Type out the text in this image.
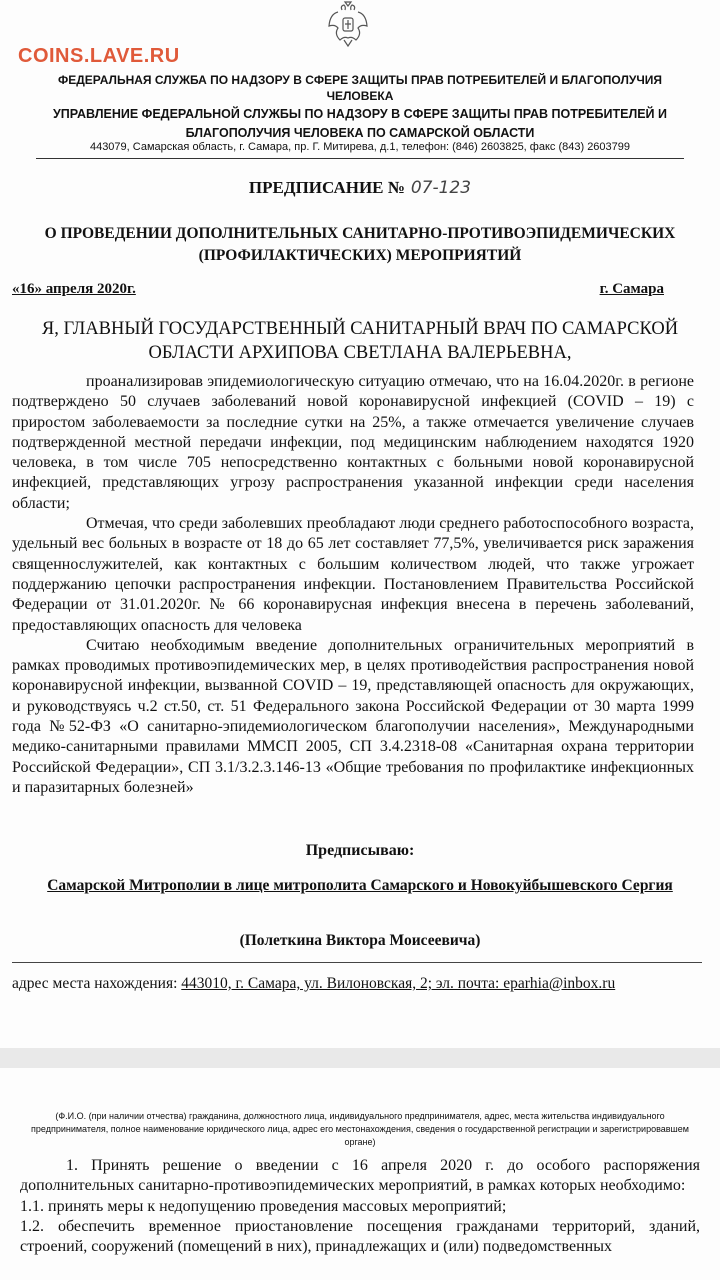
COINS.LAVE.RU
ФЕДЕРАЛЬНАЯ СЛУЖБА ПО НАДЗОРУ В СФЕРЕ ЗАЩИТЫ ПРАВ ПОТРЕБИТЕЛЕЙ И БЛАГОПОЛУЧИЯ ЧЕЛОВЕКА
УПРАВЛЕНИЕ ФЕДЕРАЛЬНОЙ СЛУЖБЫ ПО НАДЗОРУ В СФЕРЕ ЗАЩИТЫ ПРАВ ПОТРЕБИТЕЛЕЙ И БЛАГОПОЛУЧИЯ ЧЕЛОВЕКА ПО САМАРСКОЙ ОБЛАСТИ
443079, Самарская область, г. Самара, пр. Г. Митирева, д.1, телефон: (846) 2603825, факс (843) 2603799
ПРЕДПИСАНИЕ № 07-123
О ПРОВЕДЕНИИ ДОПОЛНИТЕЛЬНЫХ САНИТАРНО-ПРОТИВОЭПИДЕМИЧЕСКИХ (ПРОФИЛАКТИЧЕСКИХ) МЕРОПРИЯТИЙ
«16» апреля 2020г.	г. Самара
Я, ГЛАВНЫЙ ГОСУДАРСТВЕННЫЙ САНИТАРНЫЙ ВРАЧ ПО САМАРСКОЙ ОБЛАСТИ АРХИПОВА СВЕТЛАНА ВАЛЕРЬЕВНА,

проанализировав эпидемиологическую ситуацию отмечаю, что на 16.04.2020г. в регионе подтверждено 50 случаев заболеваний новой коронавирусной инфекцией (COVID – 19) с приростом заболеваемости за последние сутки на 25%, а также отмечается увеличение случаев подтвержденной местной передачи инфекции, под медицинским наблюдением находятся 1920 человека, в том числе 705 непосредственно контактных с больными новой коронавирусной инфекцией, представляющих угрозу распространения указанной инфекции среди населения области;

Отмечая, что среди заболевших преобладают люди среднего работоспособного возраста, удельный вес больных в возрасте от 18 до 65 лет составляет 77,5%, увеличивается риск заражения священнослужителей, как контактных с большим количеством людей, что также угрожает поддержанию цепочки распространения инфекции. Постановлением Правительства Российской Федерации от 31.01.2020г. № 66 коронавирусная инфекция внесена в перечень заболеваний, предоставляющих опасность для человека

Считаю необходимым введение дополнительных ограничительных мероприятий в рамках проводимых противоэпидемических мер, в целях противодействия распространения новой коронавирусной инфекции, вызванной COVID – 19, представляющей опасность для окружающих, и руководствуясь ч.2 ст.50, ст. 51 Федерального закона Российской Федерации от 30 марта 1999 года №52-ФЗ «О санитарно-эпидемиологическом благополучии населения», Международными медико-санитарными правилами ММСП 2005, СП 3.4.2318-08 «Санитарная охрана территории Российской Федерации», СП 3.1/3.2.3.146-13 «Общие требования по профилактике инфекционных и паразитарных болезней»

Предписываю:
Самарской Митрополии в лице митрополита Самарского и Новокуйбышевского Сергия
(Полеткина Виктора Моисеевича)
адрес места нахождения: 443010, г. Самара, ул. Вилоновская, 2; эл. почта: eparhia@inbox.ru
(Ф.И.О. (при наличии отчества) гражданина, должностного лица, индивидуального предпринимателя, адрес, места жительства индивидуального предпринимателя, полное наименование юридического лица, адрес его местонахождения, сведения о государственной регистрации и зарегистрировавшем органе)

1. Принять решение о введении с 16 апреля 2020 г. до особого распоряжения дополнительных санитарно-противоэпидемических мероприятий, в рамках которых необходимо:

1.1. принять меры к недопущению проведения массовых мероприятий;

1.2. обеспечить временное приостановление посещения гражданами территорий, зданий, строений, сооружений (помещений в них), принадлежащих и (или) подведомственных
